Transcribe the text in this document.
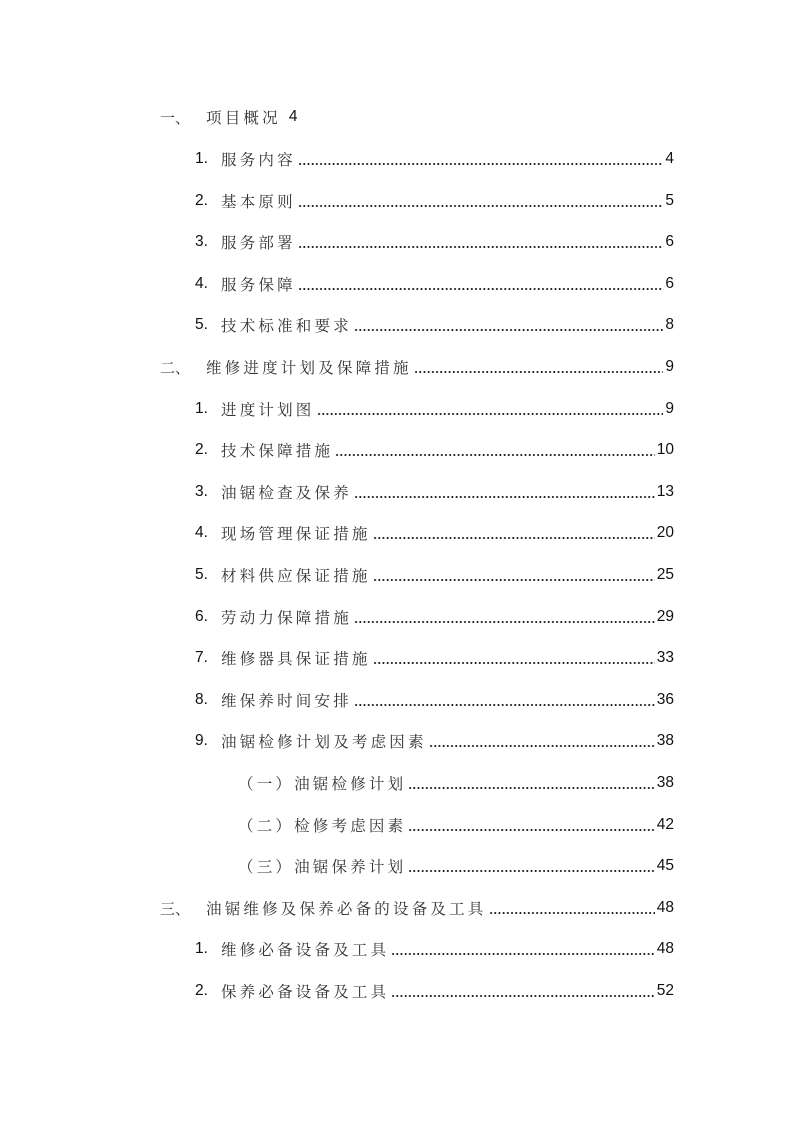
一、	项目概况 4
1. 服务内容	4
2. 基本原则	5
3. 服务部署	6
4. 服务保障	6
5. 技术标准和要求	8
二、	维修进度计划及保障措施	9
1. 进度计划图	9
2. 技术保障措施	10
3. 油锯检查及保养	13
4. 现场管理保证措施	20
5. 材料供应保证措施	25
6. 劳动力保障措施	29
7. 维修器具保证措施	33
8. 维保养时间安排	36
9. 油锯检修计划及考虑因素	38
（一）油锯检修计划	38
（二）检修考虑因素	42
（三）油锯保养计划	45
三、	油锯维修及保养必备的设备及工具	48
1. 维修必备设备及工具	48
2. 保养必备设备及工具	52
